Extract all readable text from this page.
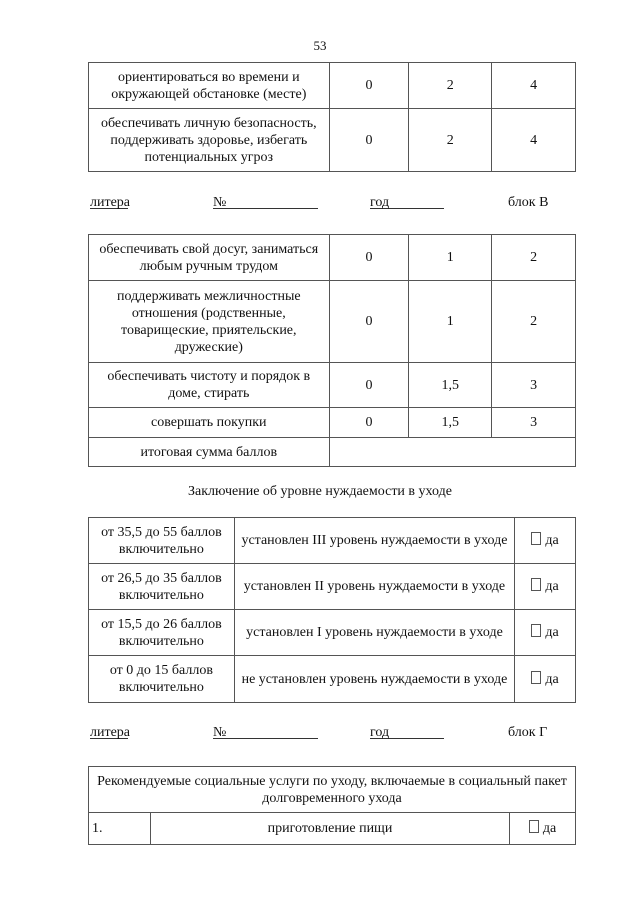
53
ориентироваться во времени и окружающей обстановке (месте)	0	2	4
обеспечивать личную безопасность, поддерживать здоровье, избегать потенциальных угроз	0	2	4
литера	№	год	блок В
обеспечивать свой досуг, заниматься любым ручным трудом	0	1	2
поддерживать межличностные отношения (родственные, товарищеские, приятельские, дружеские)	0	1	2
обеспечивать чистоту и порядок в доме, стирать	0	1,5	3
совершать покупки	0	1,5	3
итоговая сумма баллов			
Заключение об уровне нуждаемости в уходе
от 35,5 до 55 баллов включительно	установлен III уровень нуждаемости в уходе	да
от 26,5 до 35 баллов включительно	установлен II уровень нуждаемости в уходе	да
от 15,5 до 26 баллов включительно	установлен I уровень нуждаемости в уходе	да
от 0 до 15 баллов включительно	не установлен уровень нуждаемости в уходе	да
литера	№	год	блок Г
Рекомендуемые социальные услуги по уходу, включаемые в социальный пакет долговременного ухода
1.	приготовление пищи	да
